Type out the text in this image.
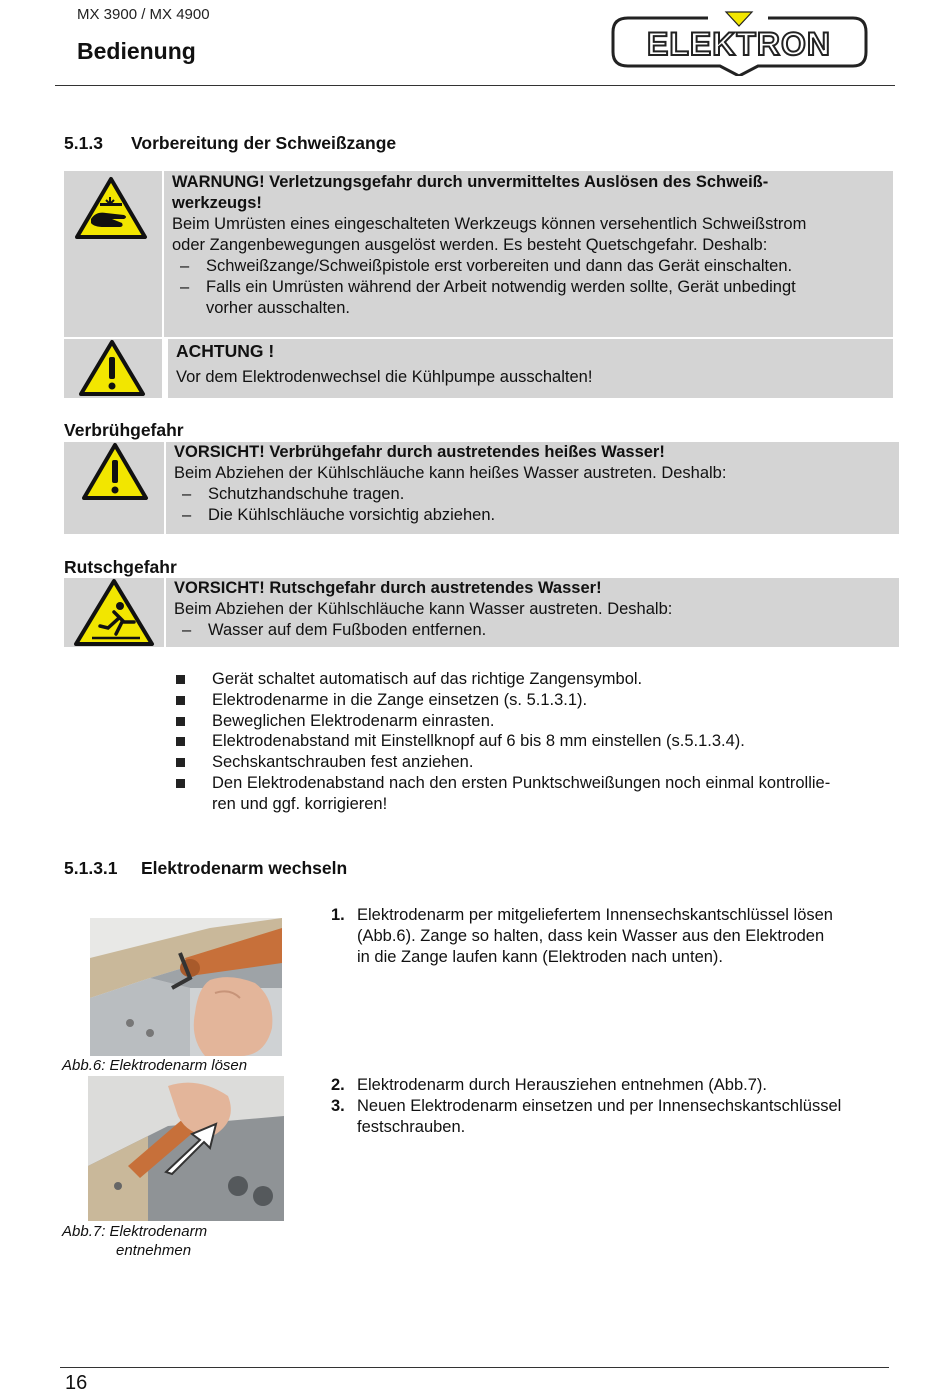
MX 3900 / MX 4900
Bedienung	ELEKTRON
5.1.3 Vorbereitung der Schweißzange
WARNUNG! Verletzungsgefahr durch unvermitteltes Auslösen des Schweiß-
werkzeugs!
Beim Umrüsten eines eingeschalteten Werkzeugs können versehentlich Schweißstrom
oder Zangenbewegungen ausgelöst werden. Es besteht Quetschgefahr. Deshalb:
– Schweißzange/Schweißpistole erst vorbereiten und dann das Gerät einschalten.
– Falls ein Umrüsten während der Arbeit notwendig werden sollte, Gerät unbedingt
vorher ausschalten.
ACHTUNG !
Vor dem Elektrodenwechsel die Kühlpumpe ausschalten!
Verbrühgefahr
VORSICHT! Verbrühgefahr durch austretendes heißes Wasser!
Beim Abziehen der Kühlschläuche kann heißes Wasser austreten. Deshalb:
– Schutzhandschuhe tragen.
– Die Kühlschläuche vorsichtig abziehen.
Rutschgefahr
VORSICHT! Rutschgefahr durch austretendes Wasser!
Beim Abziehen der Kühlschläuche kann Wasser austreten. Deshalb:
– Wasser auf dem Fußboden entfernen.
Gerät schaltet automatisch auf das richtige Zangensymbol.
Elektrodenarme in die Zange einsetzen (s. 5.1.3.1).
Beweglichen Elektrodenarm einrasten.
Elektrodenabstand mit Einstellknopf auf 6 bis 8 mm einstellen (s.5.1.3.4).
Sechskantschrauben fest anziehen.
Den Elektrodenabstand nach den ersten Punktschweißungen noch einmal kontrollie-
ren und ggf. korrigieren!
5.1.3.1 Elektrodenarm wechseln
Abb.6: Elektrodenarm lösen
Abb.7: Elektrodenarm
entnehmen
1. Elektrodenarm per mitgeliefertem Innensechskantschlüssel lösen
(Abb.6). Zange so halten, dass kein Wasser aus den Elektroden
in die Zange laufen kann (Elektroden nach unten).
2. Elektrodenarm durch Herausziehen entnehmen (Abb.7).
3. Neuen Elektrodenarm einsetzen und per Innensechskantschlüssel
festschrauben.
16
